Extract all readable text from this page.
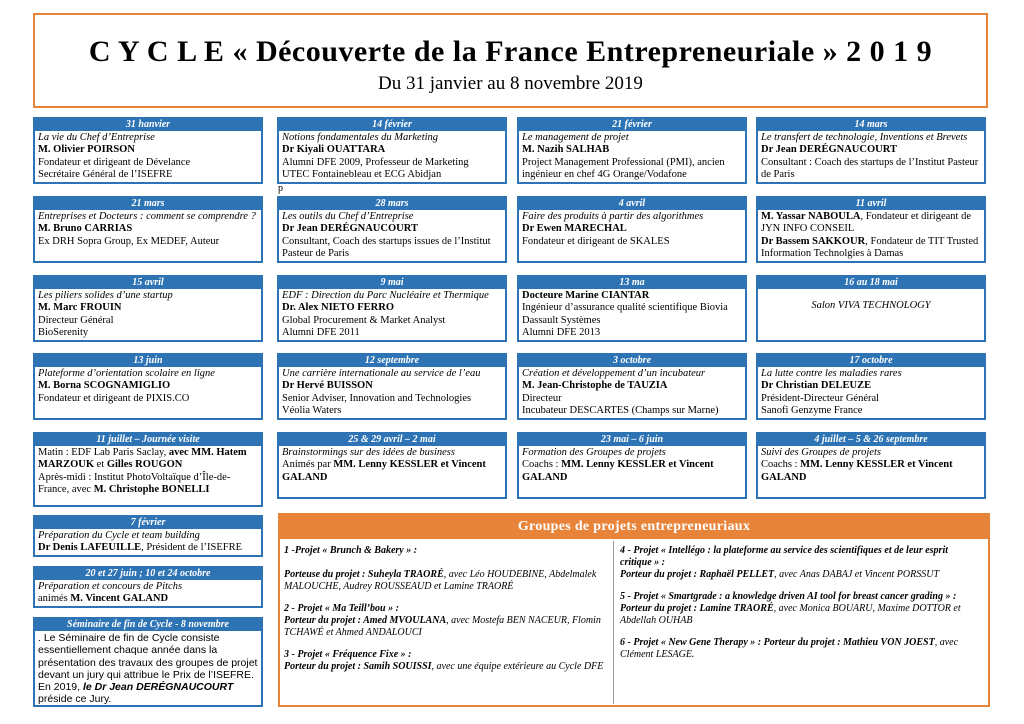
C Y C L E « Découverte de la France Entrepreneuriale » 2 0 1 9
Du 31 janvier au 8 novembre 2019
31 hanvier
La vie du Chef d’Entreprise
M. Olivier POIRSON
Fondateur et dirigeant de Dévelance
Secrétaire Général de l’ISEFRE
14 février
Notions fondamentales du Marketing
Dr Kiyali OUATTARA
Alumni DFE 2009, Professeur de Marketing
UTEC Fontainebleau et ECG Abidjan
21 février
Le management de projet
M. Nazih SALHAB
Project Management Professional (PMI), ancien
ingénieur en chef 4G Orange/Vodafone
14 mars
Le transfert de technologie, Inventions et Brevets
Dr Jean DERÉGNAUCOURT
Consultant : Coach des startups de l’Institut Pasteur
de Paris
p
21 mars
Entreprises et Docteurs : comment se comprendre ?
M. Bruno CARRIAS
Ex DRH Sopra Group, Ex MEDEF, Auteur
28 mars
Les outils du Chef d’Entreprise
Dr Jean DERÉGNAUCOURT
Consultant, Coach des startups issues de l’Institut
Pasteur de Paris
4 avril
Faire des produits à partir des algorithmes
Dr Ewen MARECHAL
Fondateur et dirigeant de SKALES
11 avril
M. Yassar NABOULA, Fondateur et dirigeant de JYN INFO CONSEIL
Dr Bassem SAKKOUR, Fondateur de TIT Trusted Information Technolgies à Damas
15 avril
Les piliers solides d’une startup
M. Marc FROUIN
Directeur Général
BioSerenity
9 mai
EDF : Direction du Parc Nucléaire et Thermique
Dr. Alex NIETO FERRO
Global Procurement & Market Analyst
Alumni DFE 2011
13 ma
Docteure Marine CIANTAR
Ingénieur d’assurance qualité scientifique Biovia
Dassault Systèmes
Alumni DFE 2013
16 au 18 mai
Salon VIVA TECHNOLOGY
13 juin
Plateforme d’orientation scolaire en ligne
M. Borna SCOGNAMIGLIO
Fondateur et dirigeant de PIXIS.CO
12 septembre
Une carrière internationale au service de l’eau
Dr Hervé BUISSON
Senior Adviser, Innovation and Technologies
Véolia Waters
3 octobre
Création et développement d’un incubateur
M. Jean-Christophe de TAUZIA
Directeur
Incubateur DESCARTES (Champs sur Marne)
17 octobre
La lutte contre les maladies rares
Dr Christian DELEUZE
Président-Directeur Général
Sanofi Genzyme France
11 juillet – Journée visite
Matin : EDF Lab Paris Saclay, avec MM. Hatem MARZOUK et Gilles ROUGON
Après-midi : Institut PhotoVoltaïque d’Île-de-France, avec M. Christophe BONELLI
25 & 29 avril – 2 mai
Brainstormings sur des idées de business
Animés par MM. Lenny KESSLER et Vincent GALAND
23 mai – 6 juin
Formation des Groupes de projets
Coachs : MM. Lenny KESSLER et Vincent GALAND
4 juillet – 5 & 26 septembre
Suivi des Groupes de projets
Coachs : MM. Lenny KESSLER et Vincent GALAND
7 février
Préparation du Cycle et team building
Dr Denis LAFEUILLE, Président de l’ISEFRE
20 et 27 juin ; 10 et 24 octobre
Préparation et concours de Pitchs
animés M. Vincent GALAND
Séminaire de fin de Cycle - 8 novembre
. Le Séminaire de fin de Cycle consiste essentiellement chaque année dans la présentation des travaux des groupes de projet devant un jury qui attribue le Prix de l’ISEFRE. En 2019, le Dr Jean DERÉGNAUCOURT préside ce Jury.
Groupes de projets entrepreneuriaux

1 -Projet « Brunch & Bakery » :

Porteuse du projet : Suheyla TRAORÉ, avec Léo HOUDEBINE, Abdelmalek MALOUCHE, Audrey ROUSSEAUD et Lamine TRAORÉ

2 - Projet « Ma Teill’bou » :
Porteur du projet : Amed MVOULANA, avec Mostefa BEN NACEUR, Flomin TCHAWÉ et Ahmed ANDALOUCI

3 - Projet « Fréquence Fixe » :
Porteur du projet : Samih SOUISSI, avec une équipe extérieure au Cycle DFE

4 - Projet « Intellégo : la plateforme au service des scientifiques et de leur esprit critique » :
Porteur du projet : Raphaël PELLET, avec Anas DABAJ et Vincent PORSSUT

5 - Projet « Smartgrade : a knowledge driven AI tool for breast cancer grading » :
Porteur du projet : Lamine TRAORÉ, avec Monica BOUARU, Maxime DOTTOR et Abdellah OUHAB

6 - Projet « New Gene Therapy » : Porteur du projet : Mathieu VON JOEST, avec Clément LESAGE.
